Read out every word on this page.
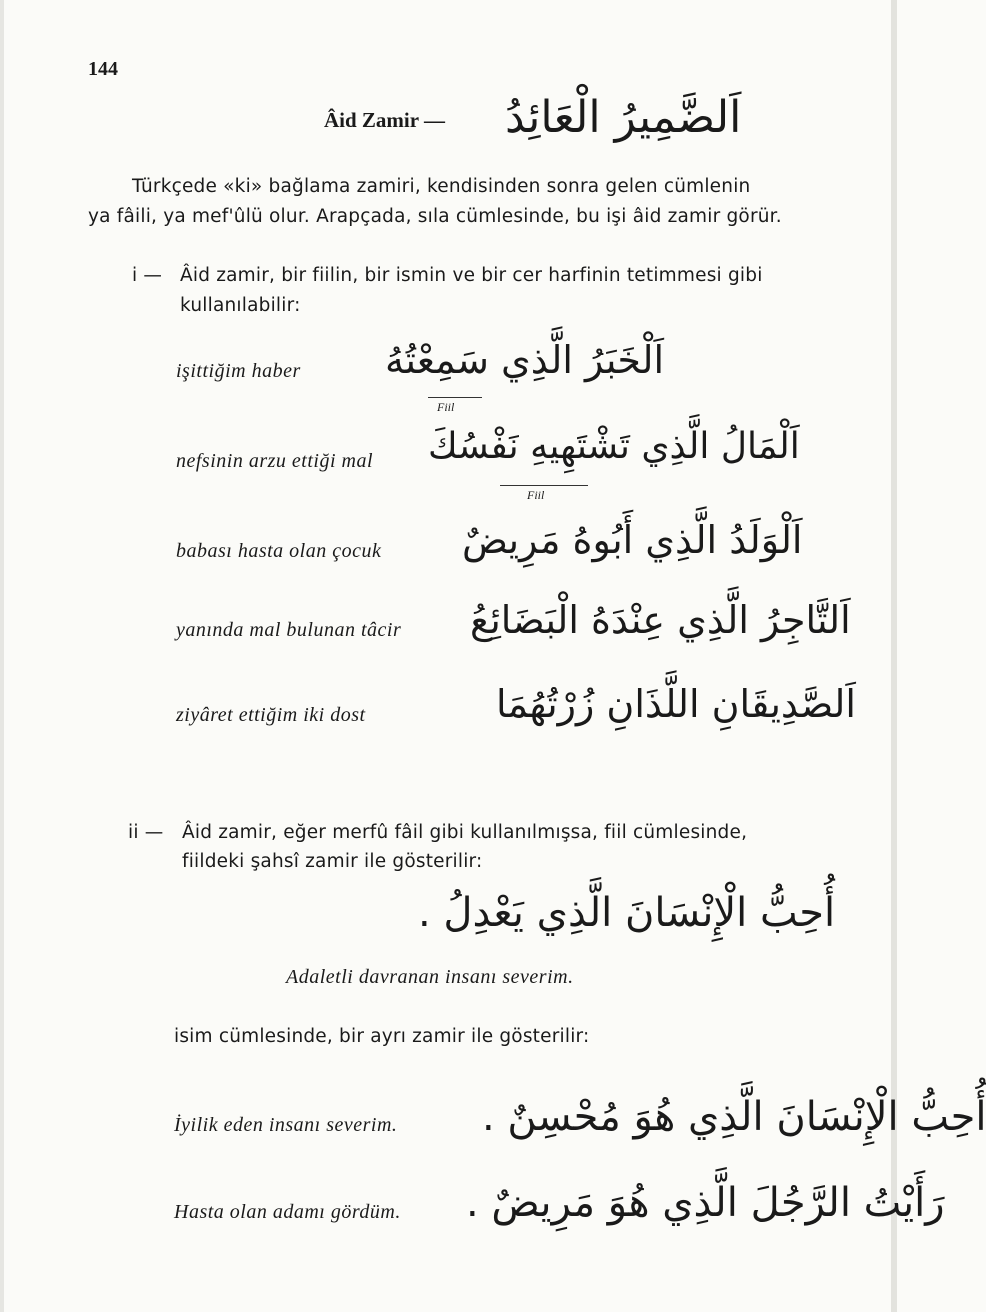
144
Âid Zamir — اَلضَّمِيرُ الْعَائِدُ
Türkçede «ki» bağlama zamiri, kendisinden sonra gelen cümlenin
ya fâili, ya mef'ûlü olur. Arapçada, sıla cümlesinde, bu işi âid zamir görür.
i — Âid zamir, bir fiilin, bir ismin ve bir cer harfinin tetimmesi gibi
kullanılabilir:
işittiğim haber اَلْخَبَرُ الَّذِي سَمِعْتُهُ
Fiil
nefsinin arzu ettiği mal اَلْمَالُ الَّذِي تَشْتَهِيهِ نَفْسُكَ
Fiil
babası hasta olan çocuk اَلْوَلَدُ الَّذِي أَبُوهُ مَرِيضٌ
yanında mal bulunan tâcir اَلتَّاجِرُ الَّذِي عِنْدَهُ الْبَضَائِعُ
ziyâret ettiğim iki dost	اَلصَّدِيقَانِ اللَّذَانِ زُرْتُهُمَا
ii — Âid zamir, eğer merfû fâil gibi kullanılmışsa, fiil cümlesinde,
fiildeki şahsî zamir ile gösterilir:
أُحِبُّ الْإِنْسَانَ الَّذِي يَعْدِلُ .
Adaletli davranan insanı severim.
isim cümlesinde, bir ayrı zamir ile gösterilir:
İyilik eden insanı severim. أُحِبُّ الْإِنْسَانَ الَّذِي هُوَ مُحْسِنٌ .
Hasta olan adamı gördüm. رَأَيْتُ الرَّجُلَ الَّذِي هُوَ مَرِيضٌ .
